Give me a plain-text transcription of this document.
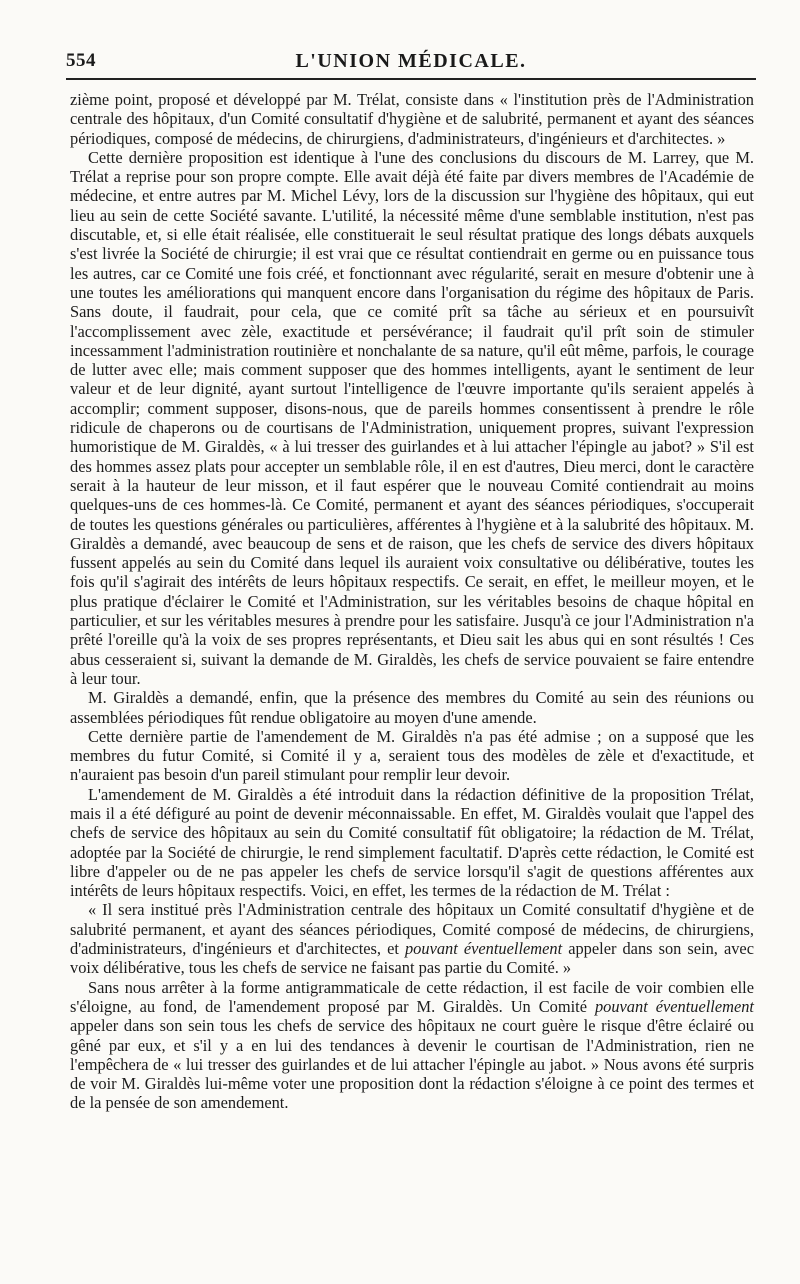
554	L'UNION MÉDICALE.

zième point, proposé et développé par M. Trélat, consiste dans « l'institution près de l'Administration centrale des hôpitaux, d'un Comité consultatif d'hygiène et de salubrité, permanent et ayant des séances périodiques, composé de médecins, de chirurgiens, d'administrateurs, d'ingénieurs et d'architectes. »

Cette dernière proposition est identique à l'une des conclusions du discours de M. Larrey, que M. Trélat a reprise pour son propre compte. Elle avait déjà été faite par divers membres de l'Académie de médecine, et entre autres par M. Michel Lévy, lors de la discussion sur l'hygiène des hôpitaux, qui eut lieu au sein de cette Société savante. L'utilité, la nécessité même d'une semblable institution, n'est pas discutable, et, si elle était réalisée, elle constituerait le seul résultat pratique des longs débats auxquels s'est livrée la Société de chirurgie; il est vrai que ce résultat contiendrait en germe ou en puissance tous les autres, car ce Comité une fois créé, et fonctionnant avec régularité, serait en mesure d'obtenir une à une toutes les améliorations qui manquent encore dans l'organisation du régime des hôpitaux de Paris. Sans doute, il faudrait, pour cela, que ce comité prît sa tâche au sérieux et en poursuivît l'accomplissement avec zèle, exactitude et persévérance; il faudrait qu'il prît soin de stimuler incessamment l'administration routinière et nonchalante de sa nature, qu'il eût même, parfois, le courage de lutter avec elle; mais comment supposer que des hommes intelligents, ayant le sentiment de leur valeur et de leur dignité, ayant surtout l'intelligence de l'œuvre importante qu'ils seraient appelés à accomplir; comment supposer, disons-nous, que de pareils hommes consentissent à prendre le rôle ridicule de chaperons ou de courtisans de l'Administration, uniquement propres, suivant l'expression humoristique de M. Giraldès, « à lui tresser des guirlandes et à lui attacher l'épingle au jabot? » S'il est des hommes assez plats pour accepter un semblable rôle, il en est d'autres, Dieu merci, dont le caractère serait à la hauteur de leur misson, et il faut espérer que le nouveau Comité contiendrait au moins quelques-uns de ces hommes-là. Ce Comité, permanent et ayant des séances périodiques, s'occuperait de toutes les questions générales ou particulières, afférentes à l'hygiène et à la salubrité des hôpitaux. M. Giraldès a demandé, avec beaucoup de sens et de raison, que les chefs de service des divers hôpitaux fussent appelés au sein du Comité dans lequel ils auraient voix consultative ou délibérative, toutes les fois qu'il s'agirait des intérêts de leurs hôpitaux respectifs. Ce serait, en effet, le meilleur moyen, et le plus pratique d'éclairer le Comité et l'Administration, sur les véritables besoins de chaque hôpital en particulier, et sur les véritables mesures à prendre pour les satisfaire. Jusqu'à ce jour l'Administration n'a prêté l'oreille qu'à la voix de ses propres représentants, et Dieu sait les abus qui en sont résultés ! Ces abus cesseraient si, suivant la demande de M. Giraldès, les chefs de service pouvaient se faire entendre à leur tour.

M. Giraldès a demandé, enfin, que la présence des membres du Comité au sein des réunions ou assemblées périodiques fût rendue obligatoire au moyen d'une amende.

Cette dernière partie de l'amendement de M. Giraldès n'a pas été admise ; on a supposé que les membres du futur Comité, si Comité il y a, seraient tous des modèles de zèle et d'exactitude, et n'auraient pas besoin d'un pareil stimulant pour remplir leur devoir.

L'amendement de M. Giraldès a été introduit dans la rédaction définitive de la proposition Trélat, mais il a été défiguré au point de devenir méconnaissable. En effet, M. Giraldès voulait que l'appel des chefs de service des hôpitaux au sein du Comité consultatif fût obligatoire; la rédaction de M. Trélat, adoptée par la Société de chirurgie, le rend simplement facultatif. D'après cette rédaction, le Comité est libre d'appeler ou de ne pas appeler les chefs de service lorsqu'il s'agit de questions afférentes aux intérêts de leurs hôpitaux respectifs. Voici, en effet, les termes de la rédaction de M. Trélat :

« Il sera institué près l'Administration centrale des hôpitaux un Comité consultatif d'hygiène et de salubrité permanent, et ayant des séances périodiques, Comité composé de médecins, de chirurgiens, d'administrateurs, d'ingénieurs et d'architectes, et pouvant éventuellement appeler dans son sein, avec voix délibérative, tous les chefs de service ne faisant pas partie du Comité. »

Sans nous arrêter à la forme antigrammaticale de cette rédaction, il est facile de voir combien elle s'éloigne, au fond, de l'amendement proposé par M. Giraldès. Un Comité pouvant éventuellement appeler dans son sein tous les chefs de service des hôpitaux ne court guère le risque d'être éclairé ou gêné par eux, et s'il y a en lui des tendances à devenir le courtisan de l'Administration, rien ne l'empêchera de « lui tresser des guirlandes et de lui attacher l'épingle au jabot. » Nous avons été surpris de voir M. Giraldès lui-même voter une proposition dont la rédaction s'éloigne à ce point des termes et de la pensée de son amendement.
